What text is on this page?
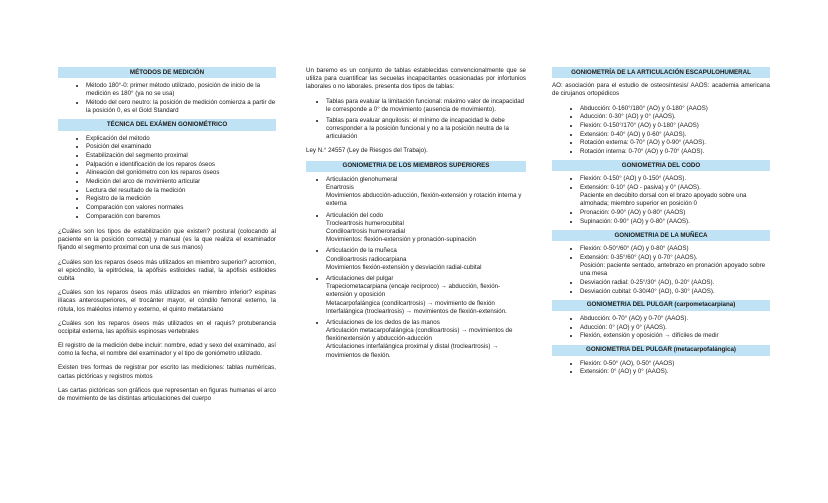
MÉTODOS DE MEDICIÓN
• Método 180°-0: primer método utilizado, posición de inicio de la medición es 180° (ya no se usa)
• Método del cero neutro: la posición de medición comienza a partir de la posición 0, es el Gold Standard
TÉCNICA DEL EXÁMEN GONIOMÉTRICO
• Explicación del método
• Posición del examinado
• Estabilización del segmento proximal
• Palpación e identificación de los reparos óseos
• Alineación del goniómetro con los reparos óseos
• Medición del arco de movimiento articular
• Lectura del resultado de la medición
• Registro de la medición
• Comparación con valores normales
• Comparación con baremos

¿Cuáles son los tipos de estabilización que existen? postural (colocando al paciente en la posición correcta) y manual (es la que realiza el examinador fijando el segmento proximal con una de sus manos)

¿Cuáles son los reparos óseos más utilizados en miembro superior? acromion, el epicóndilo, la epitróclea, la apófisis estiloides radial, la apófisis estiloides cubita

¿Cuáles son los reparos óseos más utilizados en miembro inferior? espinas ilíacas anterosuperiores, el trocánter mayor, el cóndilo femoral externo, la rótula, los maléolos interno y externo, el quinto metatarsiano

¿Cuáles son los reparos óseos más utilizados en el raquis? protuberancia occipital externa, las apófisis espinosas vertebrales

El registro de la medición debe incluir: nombre, edad y sexo del examinado, así como la fecha, el nombre del examinador y el tipo de goniómetro utilizado.

Existen tres formas de registrar por escrito las mediciones: tablas numéricas, cartas pictóricas y registros mixtos

Las cartas pictóricas son gráficos que representan en figuras humanas el arco de movimiento de las distintas articulaciones del cuerpo

Un baremo es un conjunto de tablas establecidas convencionalmente que se utiliza para cuantificar las secuelas incapacitantes ocasionadas por infortunios laborales o no laborales. presenta dos tipos de tablas:

• Tablas para evaluar la limitación funcional: máximo valor de incapacidad le corresponde a 0° de movimiento (ausencia de movimiento).
• Tablas para evaluar anquilosis: el mínimo de incapacidad le debe corresponder a la posición funcional y no a la posición neutra de la articulación

Ley N.° 24557 (Ley de Riesgos del Trabajo).

GONIOMETRIA DE LOS MIEMBROS SUPERIORES
• Articulación glenohumeral
Enartrosis
Movimientos abducción-aducción, flexión-extensión y rotación interna y externa
• Articulación del codo
Trocleartrosis humerocubital
Condiloartrosis humeroradial
Movimientos: flexión-extensión y pronación-supinación
• Articulación de la muñeca
Condiloartrosis radiocarpiana
Movimientos flexión-extensión y desviación radial-cubital
• Articulaciones del pulgar
Trapeciometacarpiana (encaje recíproco) → abducción, flexión-extensión y oposición
Metacarpofalángica (condilcartrosis) → movimiento de flexión
Interfalángica (troclearlrosis) → movimientos de flexión-extensión.
• Articulaciones de los dedos de las manos
Articulación metacarpofalángica (condiloartrosis) → movimientos de flexiónextensión y abducción-aducción
Articulaciones interfalángica proximal y distal (trocleartrosis) → movimientos de flexión.
GONIOMETRÍA DE LA ARTICULACIÓN ESCAPULOHUMERAL

AO: asociación para el estudio de osteosíntesis/ AAOS: academia americana de cirujanos ortopédicos

• Abducción: 0-160°/180° (AO) y 0-180° (AAOS)
• Aducción: 0-30° (AO) y 0° (AAOS).
• Flexión: 0-150°/170° (AO) y 0-180° (AAOS)
• Extensión: 0-40° (AO) y 0-60° (AAOS).
• Rotación externa: 0-70° (AO) y 0-90° (AAOS).
• Rotación interna: 0-70° (AO) y 0-70° (AAOS).
GONIOMETRIA DEL CODO
• Flexión: 0-150° (AO) y 0-150° (AAOS).
• Extensión: 0-10° (AO - pasiva) y 0° (AAOS).
Paciente en decúbito dorsal con el brazo apoyado sobre una almohada; miembro superior en posición 0
• Pronación: 0-90° (AO) y 0-80° (AAOS)
• Supinación: 0-90° (AO) y 0-80° (AAOS).
GONIOMETRIA DE LA MUÑECA
• Flexión: 0-50°/60° (AO) y 0-80° (AAOS)
• Extensión: 0-35°/60° (AO) y 0-70° (AAOS).
Posición: paciente sentado, antebrazo en pronación apoyado sobre una mesa
• Desviación radial: 0-25°/30° (AO), 0-20° (AAOS).
• Desviación cubital: 0-30/40° (AO), 0-30° (AAOS).
GONIOMETRIA DEL PULGAR (carpometacarpiana)
• Abducción: 0-70° (AO) y 0-70° (AAOS).
• Aducción: 0° (AO) y 0° (AAOS).
• Flexión, extensión y oposición → difíciles de medir
GONIOMETRIA DEL PULGAR (metacarpofalángica)
• Flexión: 0-50° (AO), 0-50° (AAOS)
• Extensión: 0° (AO) y 0° (AAOS).
